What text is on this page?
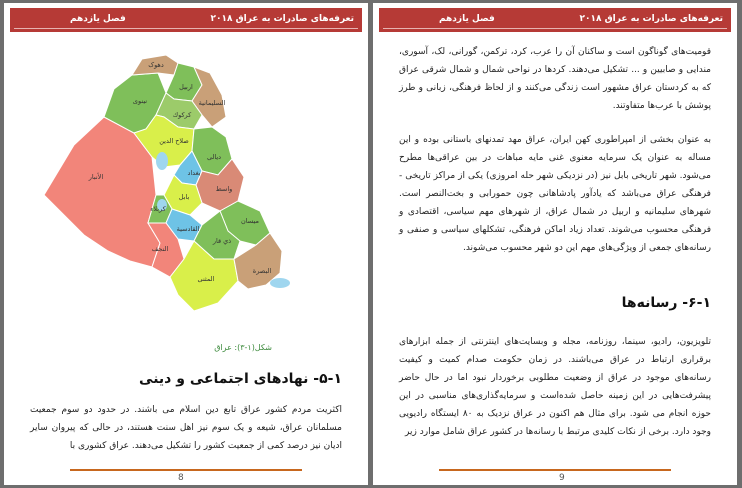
تعرفه‌های صادرات به عراق ۲۰۱۸
فصل یازدهم
دهوک
اربیل
نینوی	السلیمانیة
كركوك
صلاح الدين
ديالى
الأنبار	بغداد
واسط
بابل
كربلاء
القادسية
ميسان
ذي قار
النجف
المثنى
البصرة
شكل(۱-۳): عراق
۵-۱- نهادهای اجتماعی و دینی
اکثریت مردم کشور عراق تابع دین اسلام می باشند. در حدود دو سوم جمعیت مسلمانان عراق، شیعه و یک سوم نیز اهل سنت هستند، در حالی که پیروان سایر ادیان نیز درصد کمی از جمعیت کشور را تشکیل می‌دهند. عراق کشوری با
8
تعرفه‌های صادرات به عراق ۲۰۱۸
فصل یازدهم
قومیت‌های گوناگون است و ساکنان آن را عرب، کرد، ترکمن، گورانی، لک، آسوری، مندایی و صابیین و ... تشکیل می‌دهند. کردها در نواحی شمال و شمال شرقی عراق که به کردستان عراق مشهور است زندگی می‌کنند و از لحاظ فرهنگی، زبانی و طرز پوشش با عرب‌ها متفاوتند.
به عنوان بخشی از امپراطوری کهن ایران، عراق مهد تمدنهای باستانی بوده و این مساله به عنوان یک سرمایه معنوی غنی مایه مباهات در بین عراقی‌ها مطرح می‌شود. شهر تاریخی بابل نیز (در نزدیکی شهر حله امروزی) یکی از مراکز تاریخی - فرهنگی عراق می‌باشد که یادآور پادشاهانی چون حمورابی و بخت‌النصر است. شهرهای سلیمانیه و اربیل در شمال عراق، از شهرهای مهم سیاسی، اقتصادی و فرهنگی محسوب می‌شوند. تعداد زیاد اماکن فرهنگی، تشکلهای سیاسی و صنفی و رسانه‌های جمعی از ویژگی‌های مهم این دو شهر محسوب می‌شوند.
۶-۱- رسانه‌ها
تلویزیون، رادیو، سینما، روزنامه، مجله و وبسایت‌های اینترنتی از جمله ابزارهای برقراری ارتباط در عراق می‌باشند. در زمان حکومت صدام کمیت و کیفیت رسانه‌های موجود در عراق از وضعیت مطلوبی برخوردار نبود اما در حال حاضر پیشرفت‌هایی در این زمینه حاصل شده‌است و سرمایه‌گذاری‌های مناسبی در این حوزه انجام می شود. برای مثال هم اکنون در عراق نزدیک به ۸۰ ایستگاه رادیویی وجود دارد. برخی از نکات کلیدی مرتبط با رسانه‌ها در کشور عراق شامل موارد زیر
9
